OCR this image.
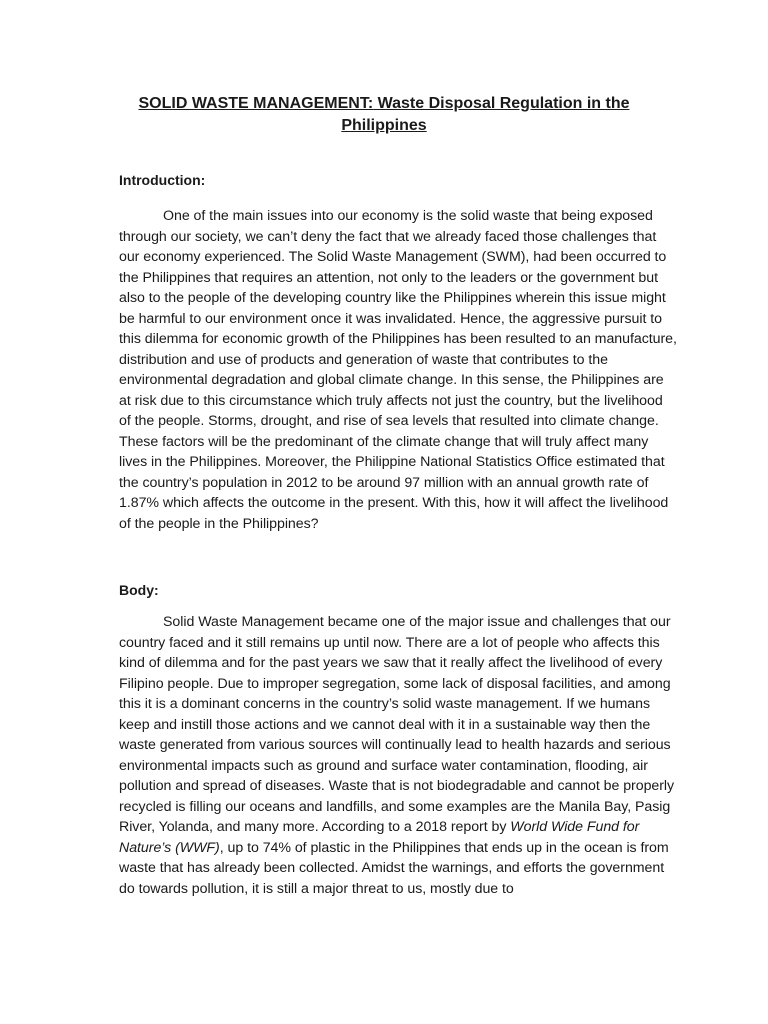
SOLID WASTE MANAGEMENT: Waste Disposal Regulation in the Philippines
Introduction:

One of the main issues into our economy is the solid waste that being exposed through our society, we can’t deny the fact that we already faced those challenges that our economy experienced. The Solid Waste Management (SWM), had been occurred to the Philippines that requires an attention, not only to the leaders or the government but also to the people of the developing country like the Philippines wherein this issue might be harmful to our environment once it was invalidated. Hence, the aggressive pursuit to this dilemma for economic growth of the Philippines has been resulted to an manufacture, distribution and use of products and generation of waste that contributes to the environmental degradation and global climate change. In this sense, the Philippines are at risk due to this circumstance which truly affects not just the country, but the livelihood of the people. Storms, drought, and rise of sea levels that resulted into climate change. These factors will be the predominant of the climate change that will truly affect many lives in the Philippines. Moreover, the Philippine National Statistics Office estimated that the country’s population in 2012 to be around 97 million with an annual growth rate of 1.87% which affects the outcome in the present. With this, how it will affect the livelihood of the people in the Philippines?

Body:

Solid Waste Management became one of the major issue and challenges that our country faced and it still remains up until now. There are a lot of people who affects this kind of dilemma and for the past years we saw that it really affect the livelihood of every Filipino people. Due to improper segregation, some lack of disposal facilities, and among this it is a dominant concerns in the country’s solid waste management. If we humans keep and instill those actions and we cannot deal with it in a sustainable way then the waste generated from various sources will continually lead to health hazards and serious environmental impacts such as ground and surface water contamination, flooding, air pollution and spread of diseases. Waste that is not biodegradable and cannot be properly recycled is filling our oceans and landfills, and some examples are the Manila Bay, Pasig River, Yolanda, and many more. According to a 2018 report by World Wide Fund for Nature’s (WWF), up to 74% of plastic in the Philippines that ends up in the ocean is from waste that has already been collected. Amidst the warnings, and efforts the government do towards pollution, it is still a major threat to us, mostly due to
